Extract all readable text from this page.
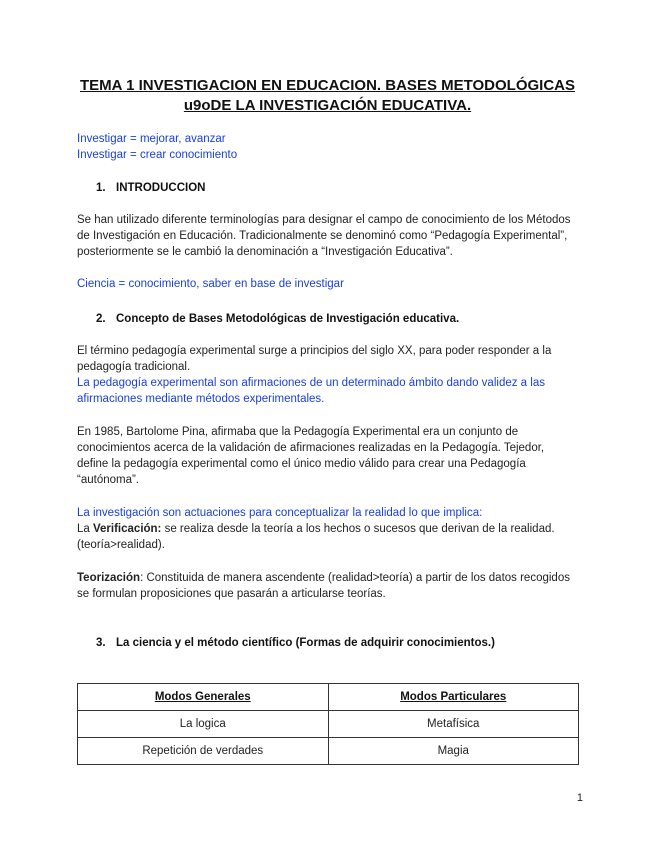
TEMA 1 INVESTIGACION EN EDUCACION. BASES METODOLÓGICAS
u9oDE LA INVESTIGACIÓN EDUCATIVA.
Investigar = mejorar, avanzar
Investigar = crear conocimiento
1. INTRODUCCION
Se han utilizado diferente terminologías para designar el campo de conocimiento de los Métodos de Investigación en Educación. Tradicionalmente se denominó como “Pedagogía Experimental”, posteriormente se le cambió la denominación a “Investigación Educativa”.
Ciencia = conocimiento, saber en base de investigar
2. Concepto de Bases Metodológicas de Investigación educativa.
El término pedagogía experimental surge a principios del siglo XX, para poder responder a la pedagogía tradicional.
La pedagogía experimental son afirmaciones de un determinado ámbito dando validez a las afirmaciones mediante métodos experimentales.
En 1985, Bartolome Pina, afirmaba que la Pedagogía Experimental era un conjunto de conocimientos acerca de la validación de afirmaciones realizadas en la Pedagogía. Tejedor, define la pedagogía experimental como el único medio válido para crear una Pedagogía “autónoma”.
La investigación son actuaciones para conceptualizar la realidad lo que implica:
La Verificación: se realiza desde la teoría a los hechos o sucesos que derivan de la realidad. (teoría>realidad).
Teorización: Constituida de manera ascendente (realidad>teoría) a partir de los datos recogidos se formulan proposiciones que pasarán a articularse teorías.
3. La ciencia y el método científico (Formas de adquirir conocimientos.)
Modos Generales	Modos Particulares
La logica	Metafísica
Repetición de verdades	Magia
1
